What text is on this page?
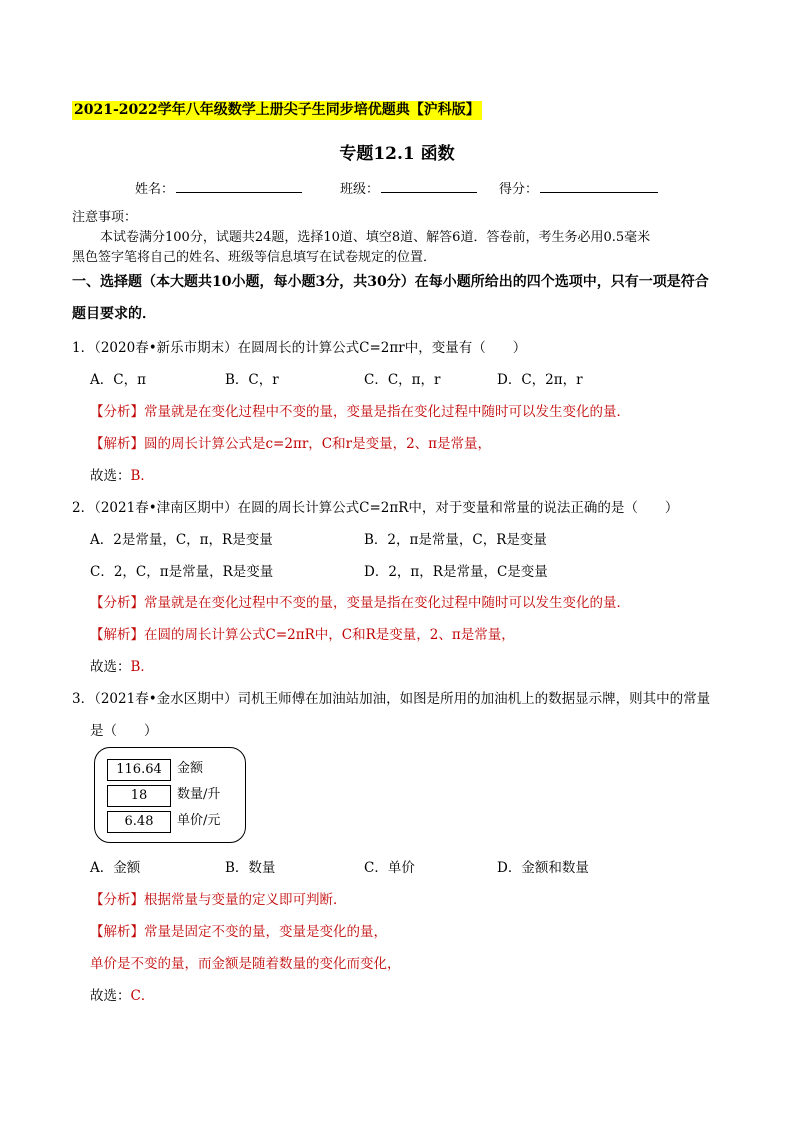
2021-2022学年八年级数学上册尖子生同步培优题典【沪科版】
专题12.1 函数
姓名：	班级：	得分：
注意事项：
本试卷满分100分，试题共24题，选择10道、填空8道、解答6道．答卷前，考生务必用0.5毫米
黑色签字笔将自己的姓名、班级等信息填写在试卷规定的位置．
一、选择题（本大题共10小题，每小题3分，共30分）在每小题所给出的四个选项中，只有一项是符合
题目要求的．
1．（2020春•新乐市期末）在圆周长的计算公式C=2πr中，变量有（　　）
A．C，π	B．C，r	C．C，π，r	D．C，2π，r
【分析】常量就是在变化过程中不变的量，变量是指在变化过程中随时可以发生变化的量．
【解析】圆的周长计算公式是c=2πr，C和r是变量，2、π是常量，
故选：B．
2．（2021春•津南区期中）在圆的周长计算公式C=2πR中，对于变量和常量的说法正确的是（　　）
A．2是常量，C，π，R是变量	B．2，π是常量，C，R是变量
C．2，C，π是常量，R是变量	D．2，π，R是常量，C是变量
【分析】常量就是在变化过程中不变的量，变量是指在变化过程中随时可以发生变化的量．
【解析】在圆的周长计算公式C=2πR中，C和R是变量，2、π是常量，
故选：B．
3．（2021春•金水区期中）司机王师傅在加油站加油，如图是所用的加油机上的数据显示牌，则其中的常量
是（　　）
116.64	金额
18	数量/升
6.48	单价/元
A．金额	B．数量	C．单价	D．金额和数量
【分析】根据常量与变量的定义即可判断．
【解析】常量是固定不变的量，变量是变化的量，
单价是不变的量，而金额是随着数量的变化而变化，
故选：C．
